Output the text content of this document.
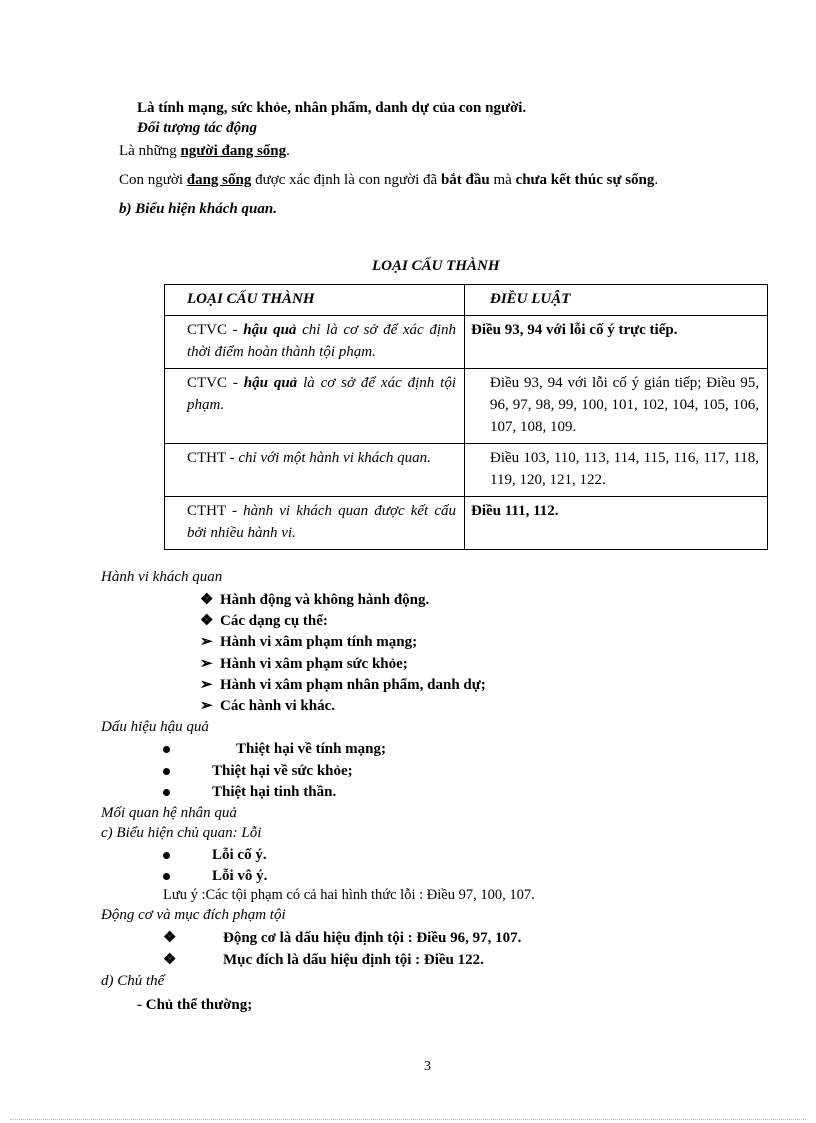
Là tính mạng, sức khỏe, nhân phẩm, danh dự của con người.
Đối tượng tác động
Là những người đang sống.
Con người đang sống được xác định là con người đã bắt đầu mà chưa kết thúc sự sống.
b) Biểu hiện khách quan.
LOẠI CẤU THÀNH
LOẠI CẤU THÀNH	ĐIỀU LUẬT
CTVC - hậu quả chỉ là cơ sở để xác định thời điểm hoàn thành tội phạm.	Điều 93, 94 với lỗi cố ý trực tiếp.
CTVC - hậu quả là cơ sở để xác định tội phạm.	Điều 93, 94 với lỗi cố ý gián tiếp; Điều 95, 96, 97, 98, 99, 100, 101, 102, 104, 105, 106, 107, 108, 109.
CTHT - chỉ với một hành vi khách quan.	Điều 103, 110, 113, 114, 115, 116, 117, 118, 119, 120, 121, 122.
CTHT - hành vi khách quan được kết cấu bởi nhiều hành vi.	Điều 111, 112.
Hành vi khách quan
❖ Hành động và không hành động.
❖ Các dạng cụ thể:
➢ Hành vi xâm phạm tính mạng;
➢ Hành vi xâm phạm sức khỏe;
➢ Hành vi xâm phạm nhân phẩm, danh dự;
➢ Các hành vi khác.
Dấu hiệu hậu quả
Thiệt hại về tính mạng;
Thiệt hại về sức khỏe;
Thiệt hại tinh thần.
Mối quan hệ nhân quả
c) Biểu hiện chủ quan: Lỗi
Lỗi cố ý.
Lỗi vô ý.
Lưu ý :Các tội phạm có cả hai hình thức lỗi : Điều 97, 100, 107.
Động cơ và mục đích phạm tội
❖	Động cơ là dấu hiệu định tội : Điều 96, 97, 107.
❖	Mục đích là dấu hiệu định tội : Điều 122.
d) Chủ thể
- Chủ thể thường;
3
